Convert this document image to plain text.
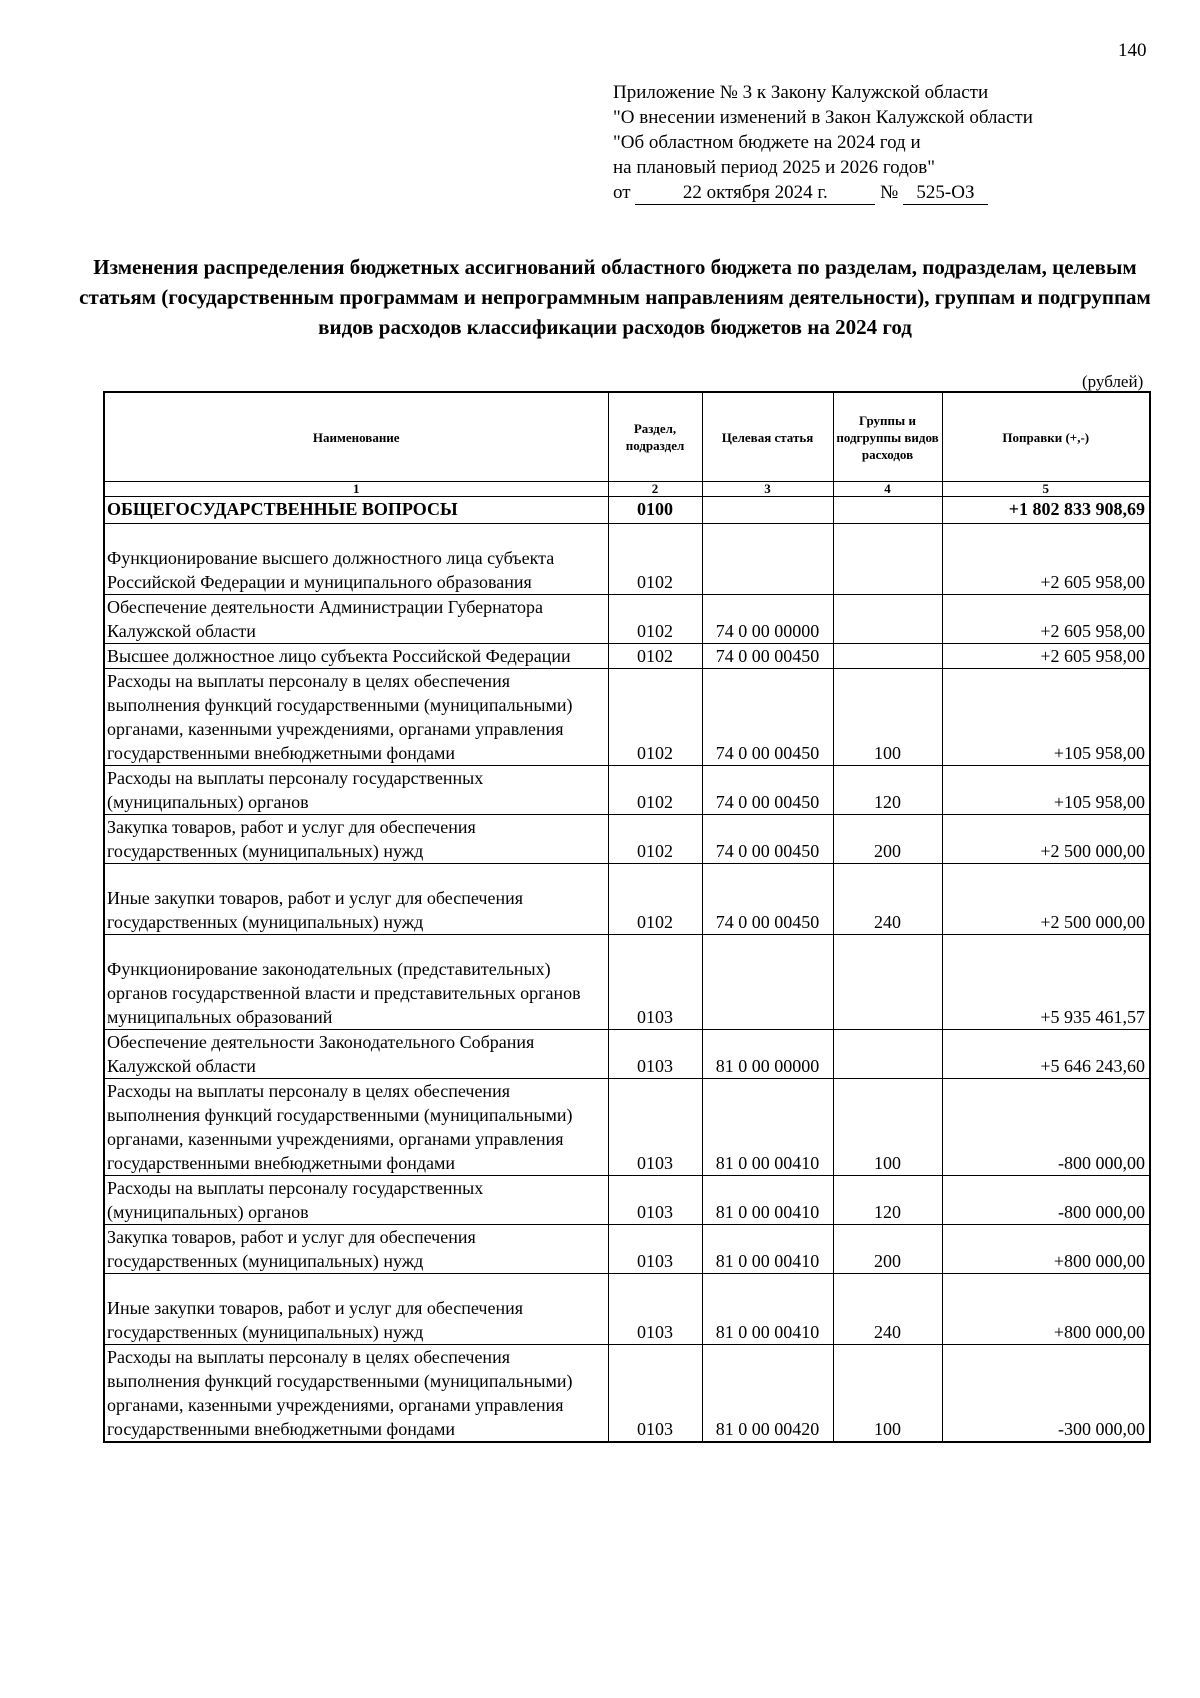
140
Приложение № 3 к Закону Калужской области
"О внесении изменений в Закон Калужской области
"Об областном бюджете на 2024 год и
на плановый период 2025 и 2026 годов"
от	22 октября 2024 г.	№ 525-ОЗ
Изменения распределения бюджетных ассигнований областного бюджета по разделам, подразделам, целевым статьям (государственным программам и непрограммным направлениям деятельности), группам и подгруппам видов расходов классификации расходов бюджетов на 2024 год
(рублей)
Наименование	Раздел, подраздел	Целевая статья	Группы и подгруппы видов расходов	Поправки (+,-)
1	2	3	4	5
ОБЩЕГОСУДАРСТВЕННЫЕ ВОПРОСЫ	0100			+1 802 833 908,69
Функционирование высшего должностного лица субъекта Российской Федерации и муниципального образования	0102			+2 605 958,00
Обеспечение деятельности Администрации Губернатора Калужской области	0102	74 0 00 00000		+2 605 958,00
Высшее должностное лицо субъекта Российской Федерации	0102	74 0 00 00450		+2 605 958,00
Расходы на выплаты персоналу в целях обеспечения выполнения функций государственными (муниципальными) органами, казенными учреждениями, органами управления государственными внебюджетными фондами	0102	74 0 00 00450	100	+105 958,00
Расходы на выплаты персоналу государственных (муниципальных) органов	0102	74 0 00 00450	120	+105 958,00
Закупка товаров, работ и услуг для обеспечения государственных (муниципальных) нужд	0102	74 0 00 00450	200	+2 500 000,00
Иные закупки товаров, работ и услуг для обеспечения государственных (муниципальных) нужд	0102	74 0 00 00450	240	+2 500 000,00
Функционирование законодательных (представительных) органов государственной власти и представительных органов муниципальных образований	0103			+5 935 461,57
Обеспечение деятельности Законодательного Собрания Калужской области	0103	81 0 00 00000		+5 646 243,60
Расходы на выплаты персоналу в целях обеспечения выполнения функций государственными (муниципальными) органами, казенными учреждениями, органами управления государственными внебюджетными фондами	0103	81 0 00 00410	100	-800 000,00
Расходы на выплаты персоналу государственных (муниципальных) органов	0103	81 0 00 00410	120	-800 000,00
Закупка товаров, работ и услуг для обеспечения государственных (муниципальных) нужд	0103	81 0 00 00410	200	+800 000,00
Иные закупки товаров, работ и услуг для обеспечения государственных (муниципальных) нужд	0103	81 0 00 00410	240	+800 000,00
Расходы на выплаты персоналу в целях обеспечения выполнения функций государственными (муниципальными) органами, казенными учреждениями, органами управления государственными внебюджетными фондами	0103	81 0 00 00420	100	-300 000,00
